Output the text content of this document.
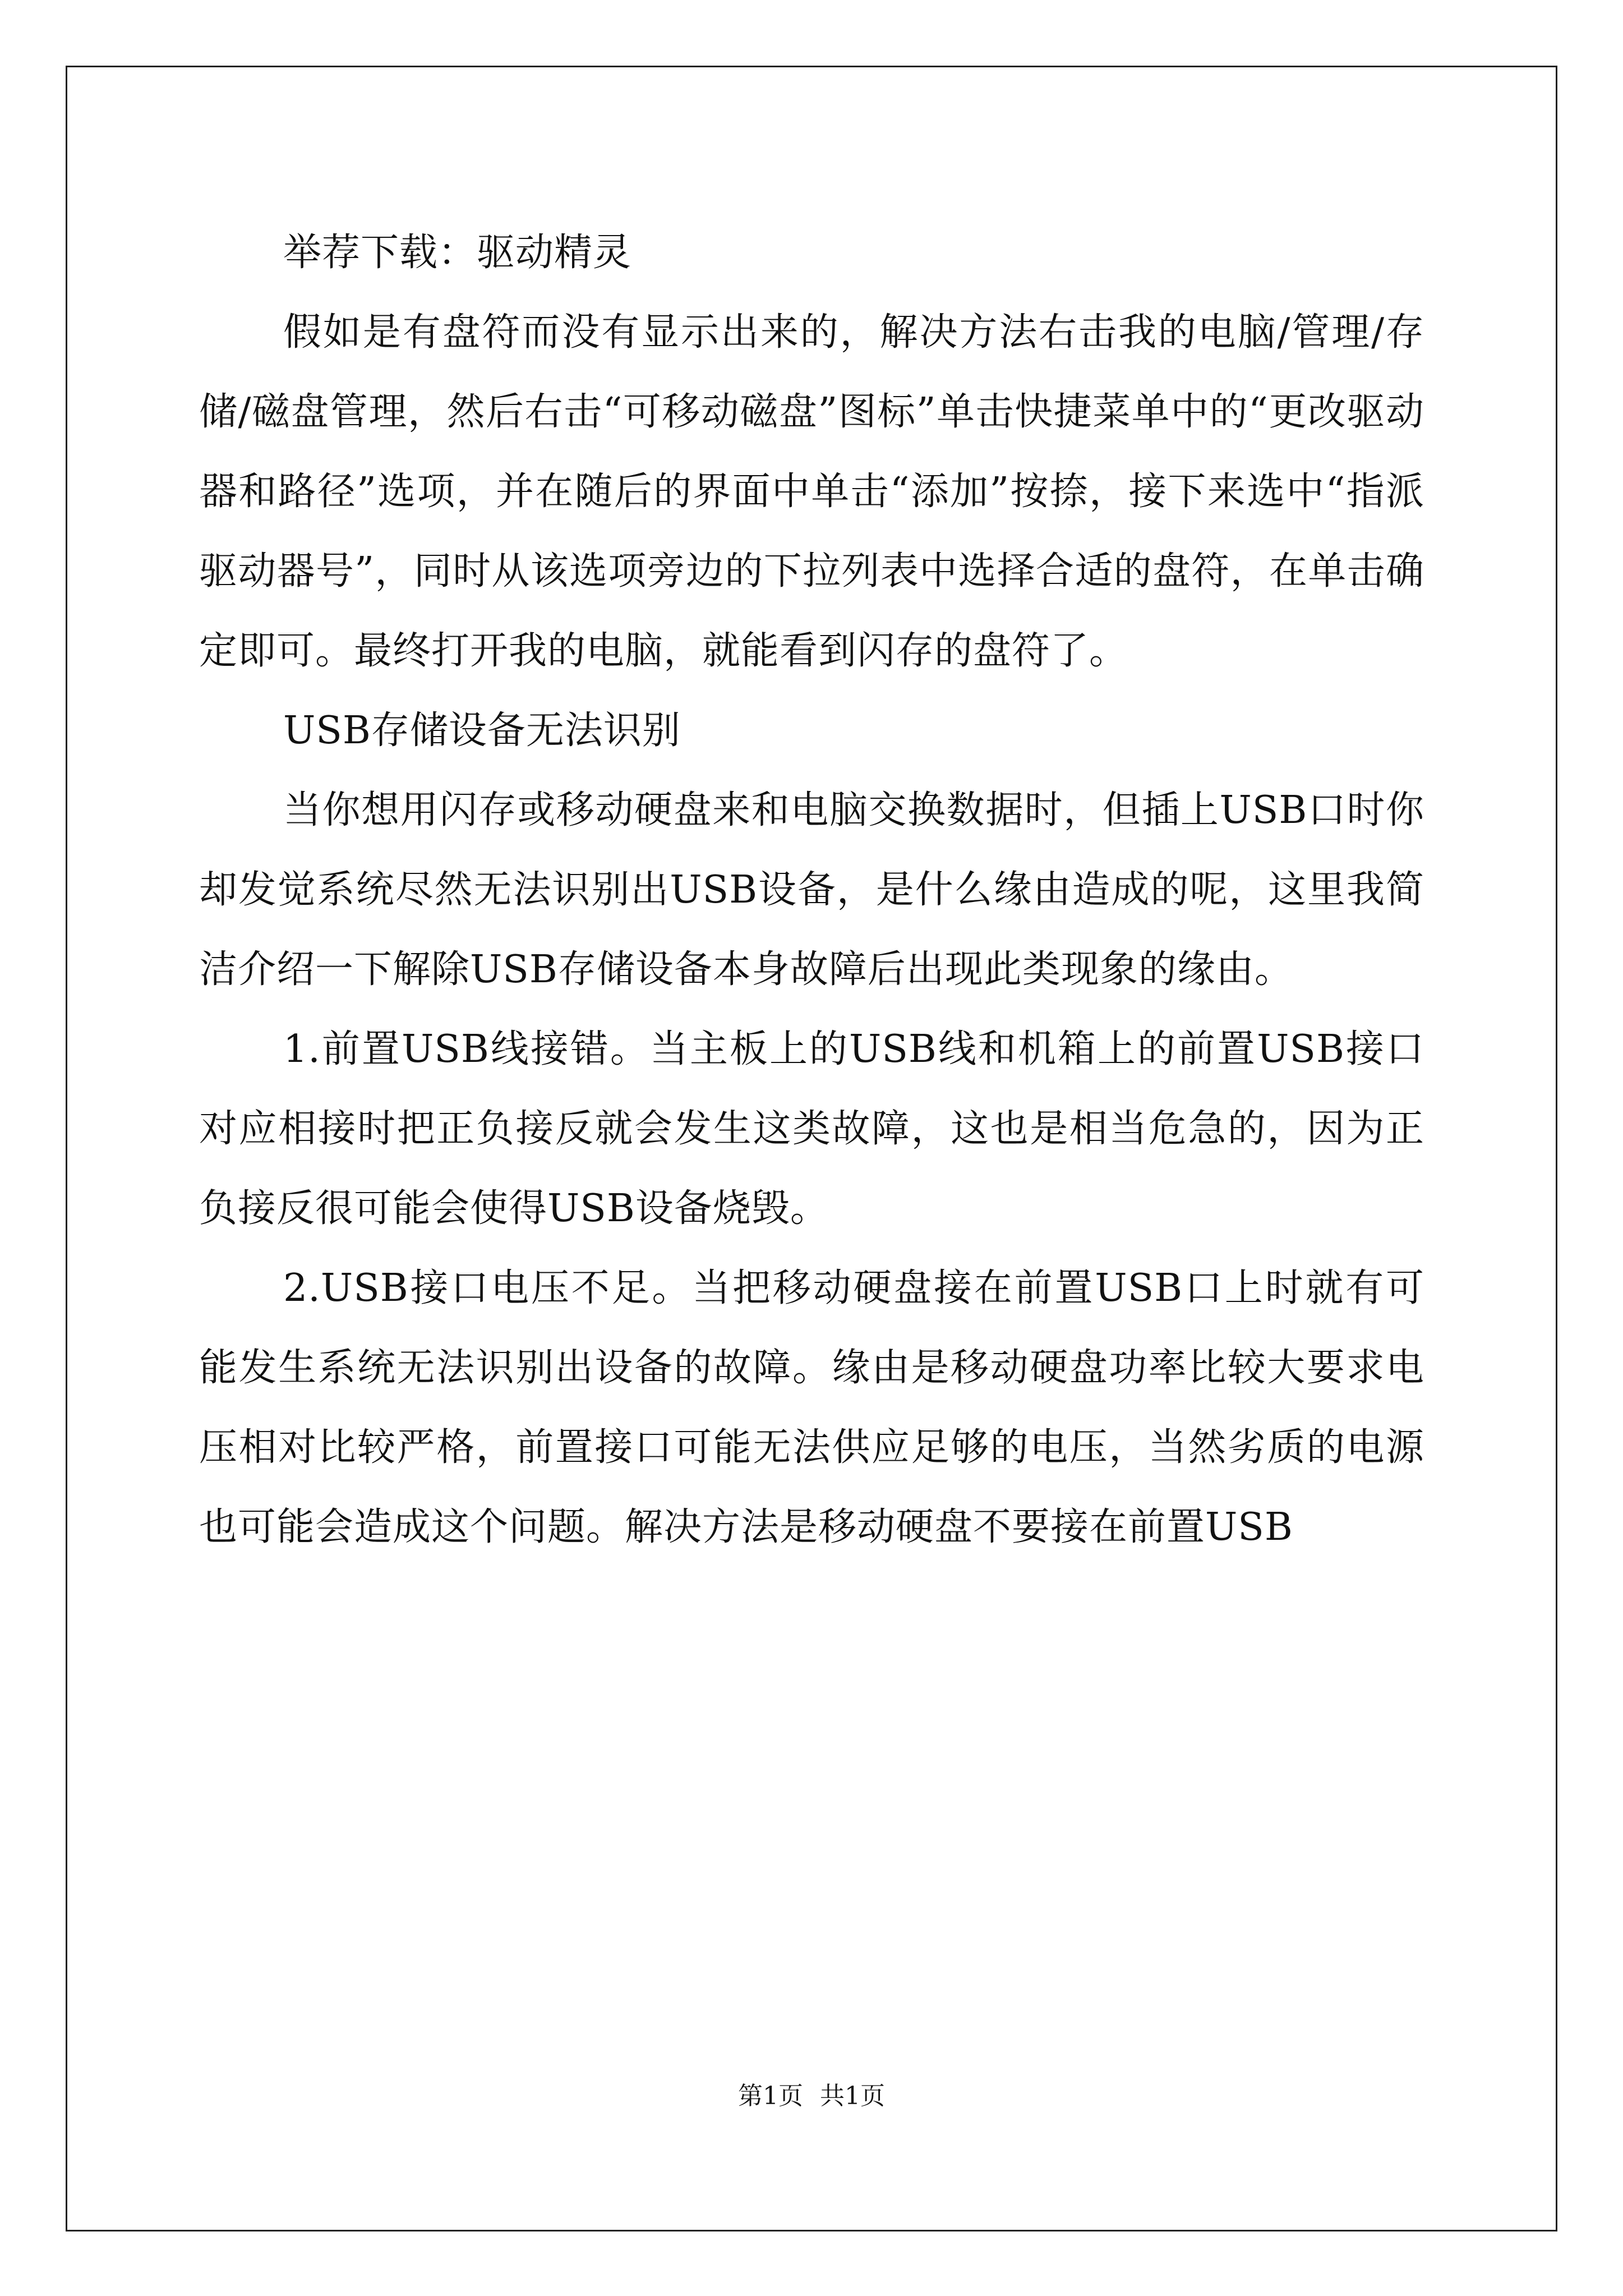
举荐下载：驱动精灵

假如是有盘符而没有显示出来的，解决方法右击我的电脑/管理/存储/磁盘管理，然后右击“可移动磁盘”图标”单击快捷菜单中的“更改驱动器和路径”选项，并在随后的界面中单击“添加”按捺，接下来选中“指派驱动器号”，同时从该选项旁边的下拉列表中选择合适的盘符，在单击确定即可。最终打开我的电脑，就能看到闪存的盘符了。

USB存储设备无法识别

当你想用闪存或移动硬盘来和电脑交换数据时，但插上USB口时你却发觉系统尽然无法识别出USB设备，是什么缘由造成的呢，这里我简洁介绍一下解除USB存储设备本身故障后出现此类现象的缘由。

1.前置USB线接错。当主板上的USB线和机箱上的前置USB接口对应相接时把正负接反就会发生这类故障，这也是相当危急的，因为正负接反很可能会使得USB设备烧毁。

2.USB接口电压不足。当把移动硬盘接在前置USB口上时就有可能发生系统无法识别出设备的故障。缘由是移动硬盘功率比较大要求电压相对比较严格，前置接口可能无法供应足够的电压，当然劣质的电源也可能会造成这个问题。解决方法是移动硬盘不要接在前置USB

第1页 共1页
